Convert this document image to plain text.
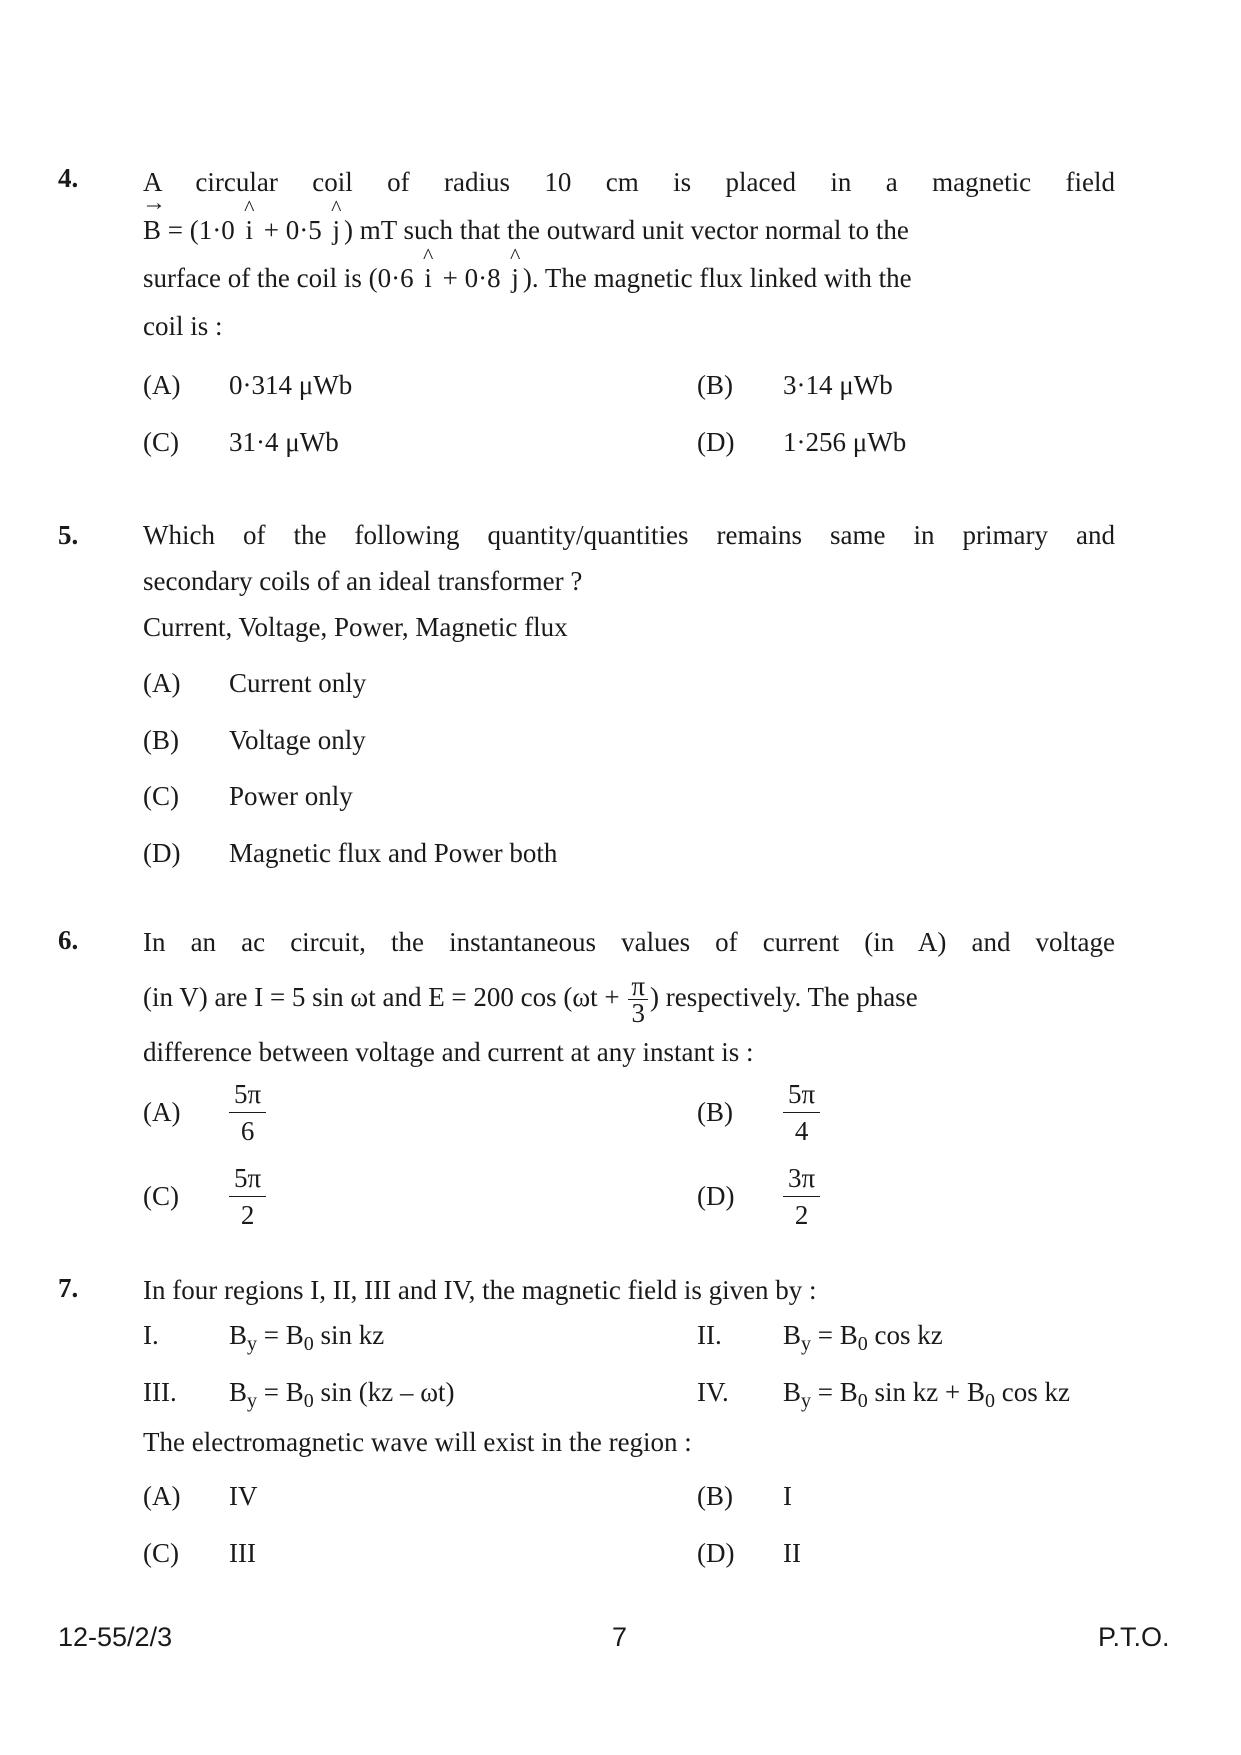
4. A circular coil of radius 10 cm is placed in a magnetic field

→ B = (1·0 ^ i + 0·5 ^ j ) mT such that the outward unit vector normal to the

surface of the coil is (0·6 ^ i + 0·8 ^ j ). The magnetic flux linked with the

coil is :

(A) 0·314 μWb	(B) 3·14 μWb
(C) 31·4 μWb	(D) 1·256 μWb
5. Which of the following quantity/quantities remains same in primary and

secondary coils of an ideal transformer ?

Current, Voltage, Power, Magnetic flux

(A) Current only
(B) Voltage only
(C) Power only
(D) Magnetic flux and Power both
6. In an ac circuit, the instantaneous values of current (in A) and voltage

(in V) are I = 5 sin ωt and E = 200 $\cos (\omega t + \frac{\pi}{3}$ ) respectively. The phase

difference between voltage and current at any instant is :

$(A) \frac{5\pi}{6}$	$(B) \frac{5\pi}{4}$
$(C) \frac{5\pi}{2}$	$(D) \frac{3\pi}{2}$
7. In four regions I, II, III and IV, the magnetic field is given by :
I.	$B_y = B_0$ sin kz	II. $B_y = B_0$ cos kz
III. $B_y = B_0$ sin (kz – ωt)	IV. $B_y = B_0$ sin kz + $B_0$ cos kz
The electromagnetic wave will exist in the region :
(A) IV	(B) I
(C) III	(D) II
12-55/2/3	7	P.T.O.
